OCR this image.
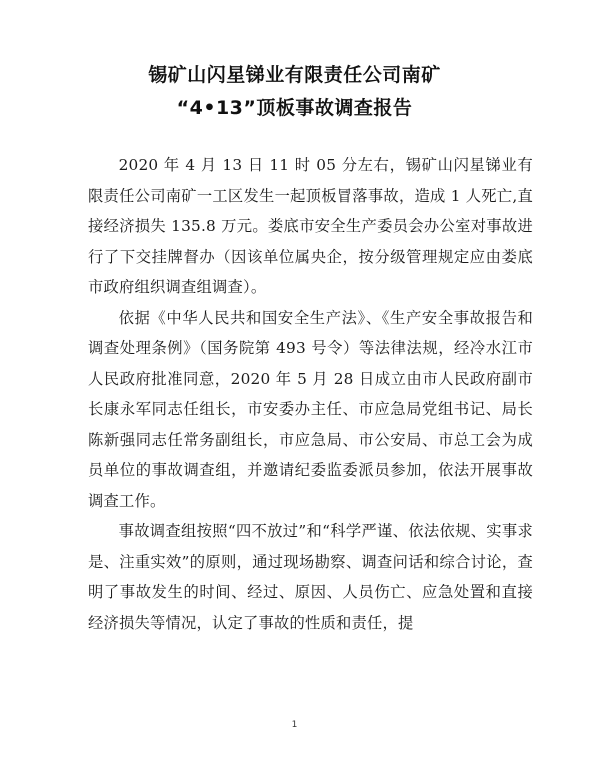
锡矿山闪星锑业有限责任公司南矿
“4•13”顶板事故调查报告

2020 年 4 月 13 日 11 时 05 分左右，锡矿山闪星锑业有限责任公司南矿一工区发生一起顶板冒落事故，造成 1 人死亡,直接经济损失 135.8 万元。娄底市安全生产委员会办公室对事故进行了下交挂牌督办（因该单位属央企，按分级管理规定应由娄底市政府组织调查组调查）。

依据《中华人民共和国安全生产法》、《生产安全事故报告和调查处理条例》（国务院第 493 号令）等法律法规，经冷水江市人民政府批准同意，2020 年 5 月 28 日成立由市人民政府副市长康永军同志任组长，市安委办主任、市应急局党组书记、局长陈新强同志任常务副组长，市应急局、市公安局、市总工会为成员单位的事故调查组，并邀请纪委监委派员参加，依法开展事故调查工作。

事故调查组按照“四不放过”和“科学严谨、依法依规、实事求是、注重实效”的原则，通过现场勘察、调查问话和综合讨论，查明了事故发生的时间、经过、原因、人员伤亡、应急处置和直接经济损失等情况，认定了事故的性质和责任，提

1
